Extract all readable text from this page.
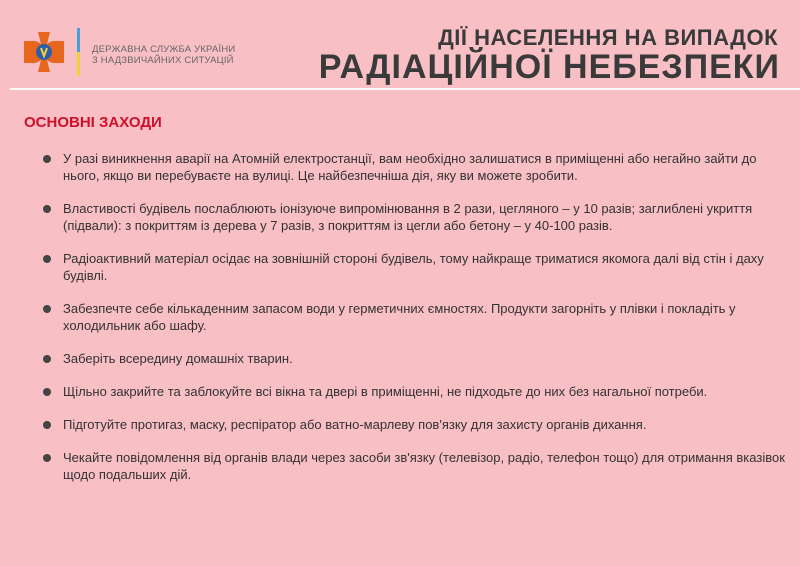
ДЕРЖАВНА СЛУЖБА УКРАЇНИ
З НАДЗВИЧАЙНИХ СИТУАЦІЙ
ДІЇ НАСЕЛЕННЯ НА ВИПАДОК
РАДІАЦІЙНОЇ НЕБЕЗПЕКИ
ОСНОВНІ ЗАХОДИ
У разі виникнення аварії на Атомній електростанції, вам необхідно залишатися в приміщенні або негайно зайти до нього, якщо ви перебуваєте на вулиці. Це найбезпечніша дія, яку ви можете зробити.
Властивості будівель послаблюють іонізуюче випромінювання в 2 рази, цегляного – у 10 разів; заглиблені укриття (підвали): з покриттям із дерева у 7 разів, з покриттям із цегли або бетону – у 40-100 разів.
Радіоактивний матеріал осідає на зовнішній стороні будівель, тому найкраще триматися якомога далі від стін і даху будівлі.
Забезпечте себе кількаденним запасом води у герметичних ємностях. Продукти загорніть у плівки і покладіть у холодильник або шафу.
Заберіть всередину домашніх тварин.
Щільно закрийте та заблокуйте всі вікна та двері в приміщенні, не підходьте до них без нагальної потреби.
Підготуйте протигаз, маску, респіратор або ватно-марлеву пов'язку для захисту органів дихання.
Чекайте повідомлення від органів влади через засоби зв'язку (телевізор, радіо, телефон тощо) для отримання вказівок щодо подальших дій.
